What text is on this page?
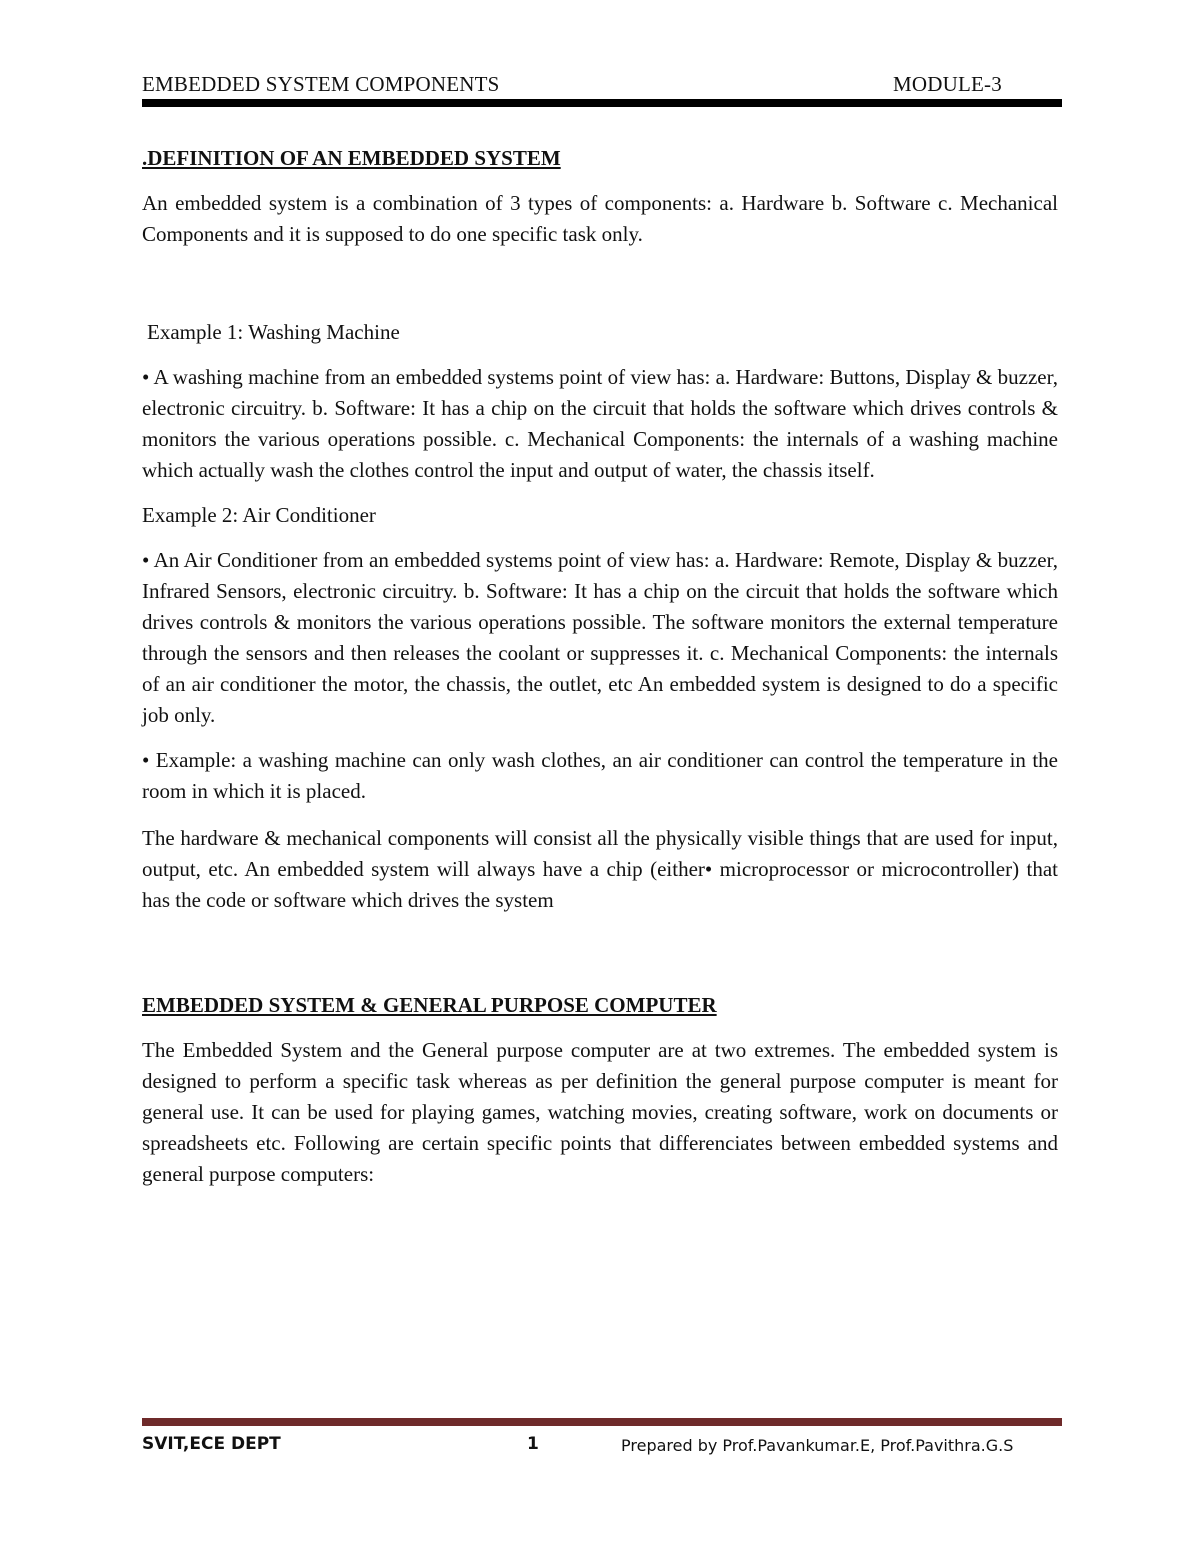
EMBEDDED SYSTEM COMPONENTS	MODULE-3
.DEFINITION OF AN EMBEDDED SYSTEM

An embedded system is a combination of 3 types of components: a. Hardware b. Software c. Mechanical Components and it is supposed to do one specific task only.

Example 1: Washing Machine

• A washing machine from an embedded systems point of view has: a. Hardware: Buttons, Display & buzzer, electronic circuitry. b. Software: It has a chip on the circuit that holds the software which drives controls & monitors the various operations possible. c. Mechanical Components: the internals of a washing machine which actually wash the clothes control the input and output of water, the chassis itself.

Example 2: Air Conditioner

• An Air Conditioner from an embedded systems point of view has: a. Hardware: Remote, Display & buzzer, Infrared Sensors, electronic circuitry. b. Software: It has a chip on the circuit that holds the software which drives controls & monitors the various operations possible. The software monitors the external temperature through the sensors and then releases the coolant or suppresses it. c. Mechanical Components: the internals of an air conditioner the motor, the chassis, the outlet, etc An embedded system is designed to do a specific job only.

• Example: a washing machine can only wash clothes, an air conditioner can control the temperature in the room in which it is placed.

The hardware & mechanical components will consist all the physically visible things that are used for input, output, etc. An embedded system will always have a chip (either• microprocessor or microcontroller) that has the code or software which drives the system

EMBEDDED SYSTEM & GENERAL PURPOSE COMPUTER

The Embedded System and the General purpose computer are at two extremes. The embedded system is designed to perform a specific task whereas as per definition the general purpose computer is meant for general use. It can be used for playing games, watching movies, creating software, work on documents or spreadsheets etc. Following are certain specific points that differenciates between embedded systems and general purpose computers:

SVIT,ECE DEPT	1	Prepared by Prof.Pavankumar.E, Prof.Pavithra.G.S
